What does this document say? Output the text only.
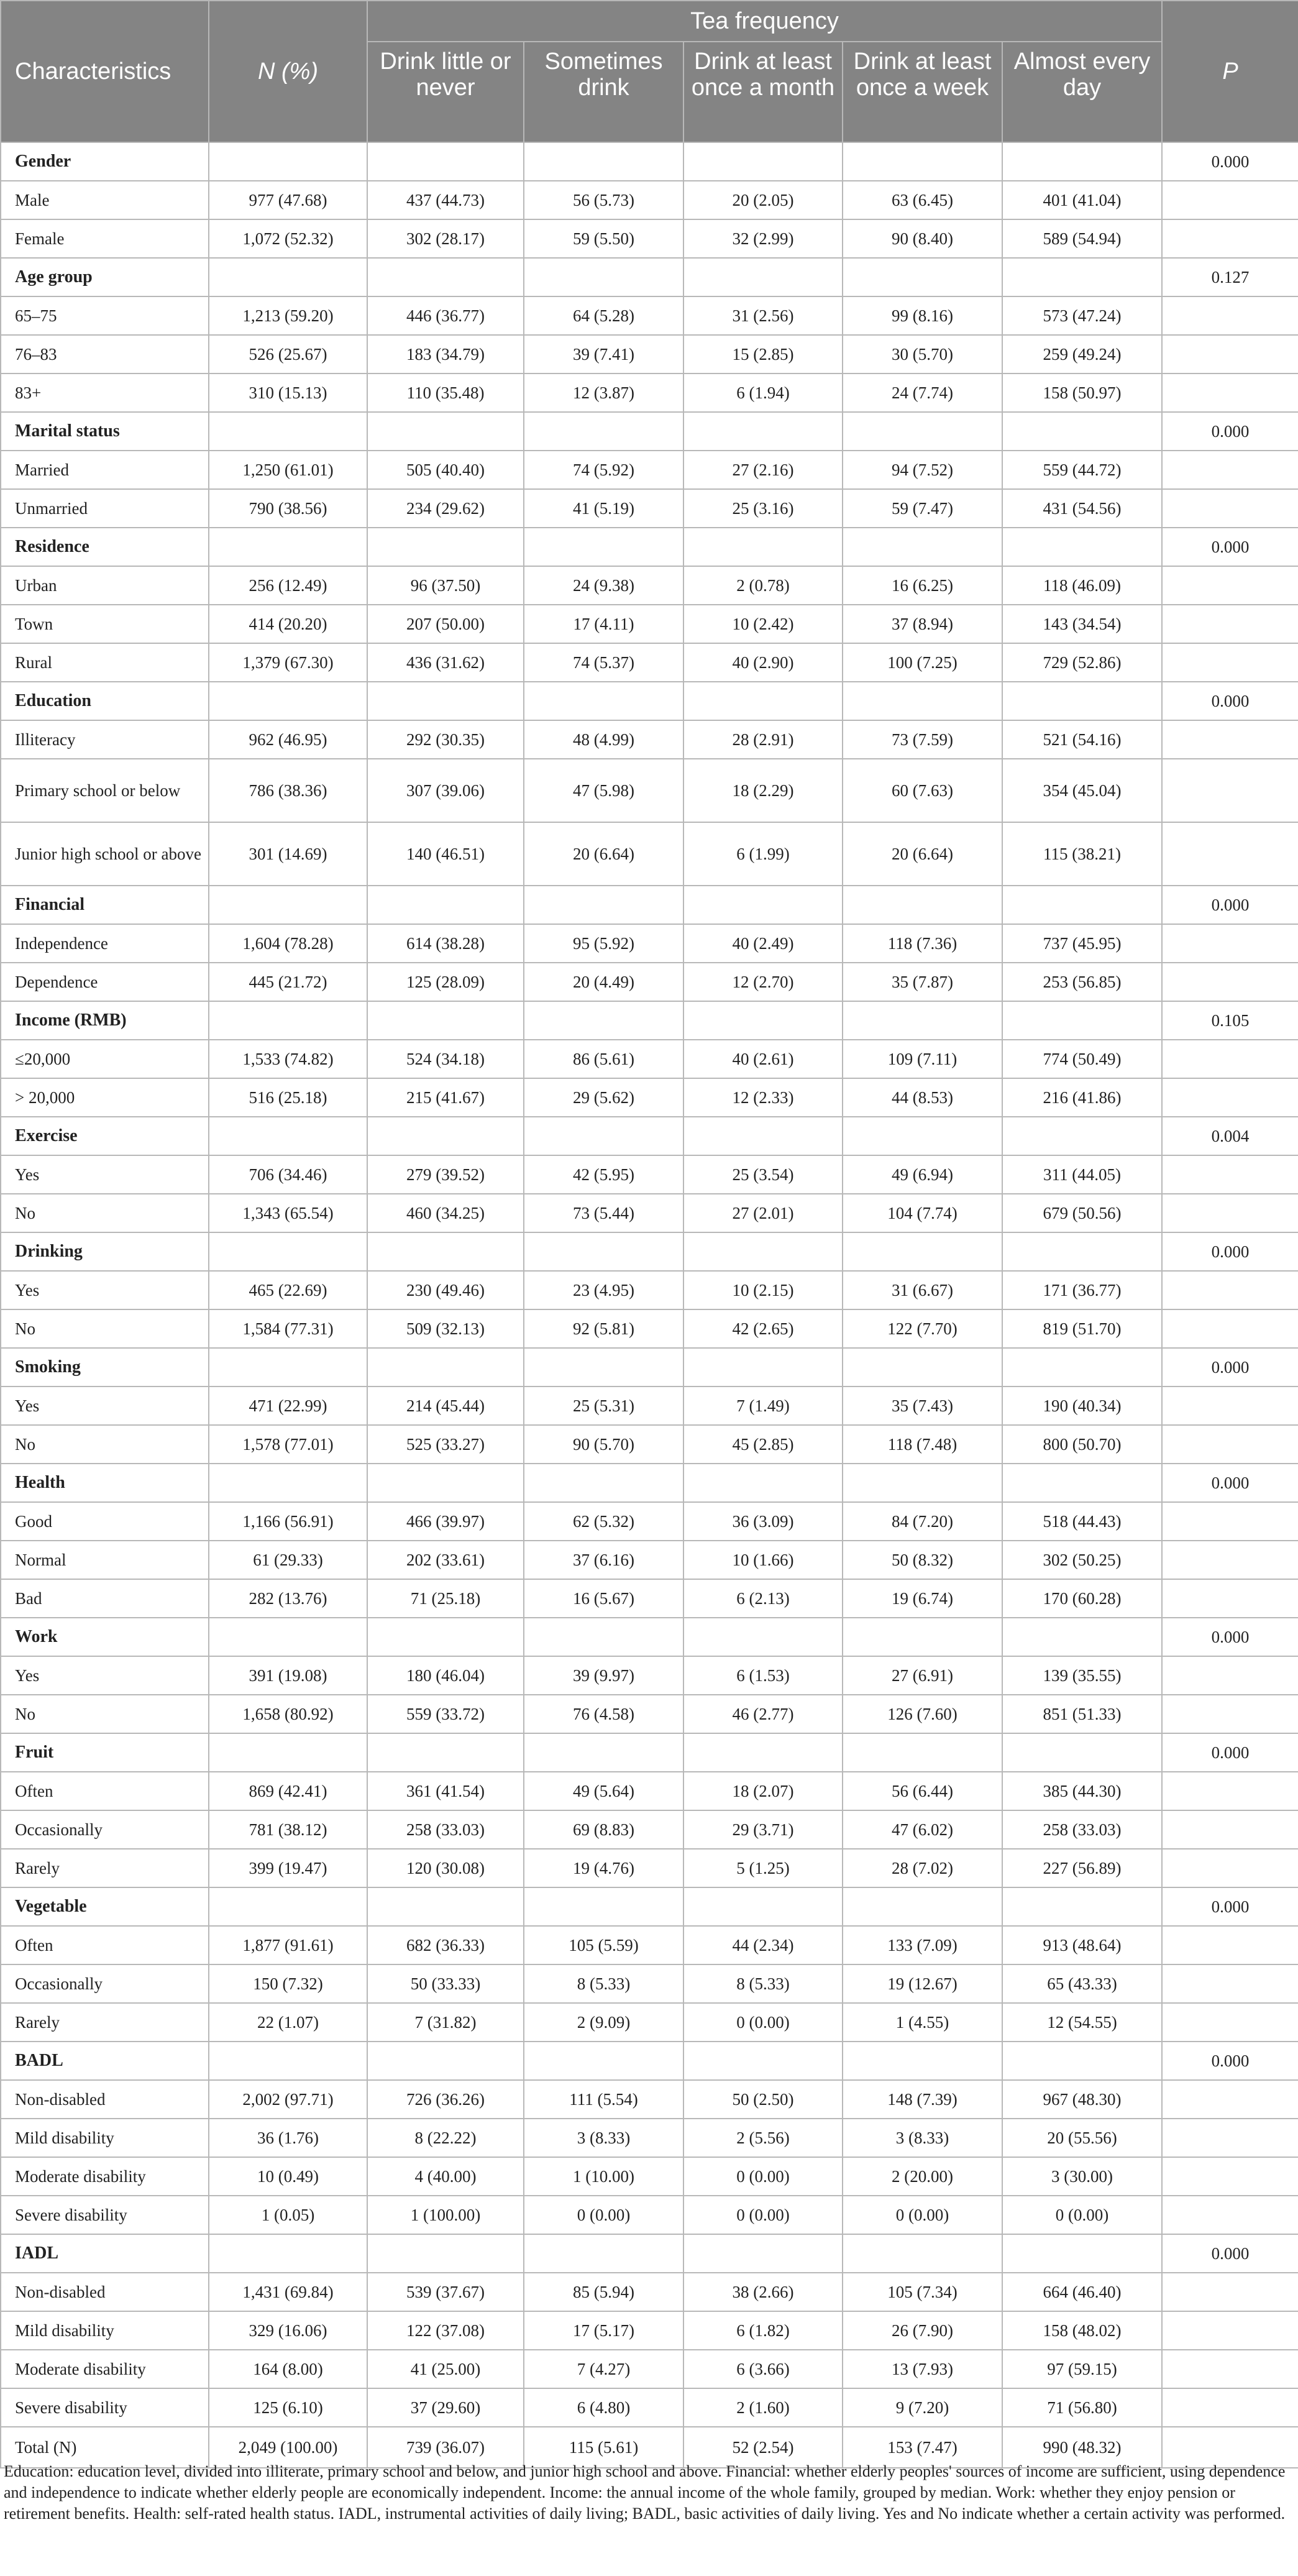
Characteristics	N (%)	Tea frequency					P
		Drink little or never	Sometimes drink	Drink at least once a month	Drink at least once a week	Almost every day	
Gender							0.000
Male	977 (47.68)	437 (44.73)	56 (5.73)	20 (2.05)	63 (6.45)	401 (41.04)	
Female	1,072 (52.32)	302 (28.17)	59 (5.50)	32 (2.99)	90 (8.40)	589 (54.94)	
Age group							0.127
65–75	1,213 (59.20)	446 (36.77)	64 (5.28)	31 (2.56)	99 (8.16)	573 (47.24)	
76–83	526 (25.67)	183 (34.79)	39 (7.41)	15 (2.85)	30 (5.70)	259 (49.24)	
83+	310 (15.13)	110 (35.48)	12 (3.87)	6 (1.94)	24 (7.74)	158 (50.97)	
Marital status							0.000
Married	1,250 (61.01)	505 (40.40)	74 (5.92)	27 (2.16)	94 (7.52)	559 (44.72)	
Unmarried	790 (38.56)	234 (29.62)	41 (5.19)	25 (3.16)	59 (7.47)	431 (54.56)	
Residence							0.000
Urban	256 (12.49)	96 (37.50)	24 (9.38)	2 (0.78)	16 (6.25)	118 (46.09)	
Town	414 (20.20)	207 (50.00)	17 (4.11)	10 (2.42)	37 (8.94)	143 (34.54)	
Rural	1,379 (67.30)	436 (31.62)	74 (5.37)	40 (2.90)	100 (7.25)	729 (52.86)	
Education							0.000
Illiteracy	962 (46.95)	292 (30.35)	48 (4.99)	28 (2.91)	73 (7.59)	521 (54.16)	
Primary school or below	786 (38.36)	307 (39.06)	47 (5.98)	18 (2.29)	60 (7.63)	354 (45.04)	
Junior high school or above	301 (14.69)	140 (46.51)	20 (6.64)	6 (1.99)	20 (6.64)	115 (38.21)	
Financial							0.000
Independence	1,604 (78.28)	614 (38.28)	95 (5.92)	40 (2.49)	118 (7.36)	737 (45.95)	
Dependence	445 (21.72)	125 (28.09)	20 (4.49)	12 (2.70)	35 (7.87)	253 (56.85)	
Income (RMB)							0.105
≤20,000	1,533 (74.82)	524 (34.18)	86 (5.61)	40 (2.61)	109 (7.11)	774 (50.49)	
> 20,000	516 (25.18)	215 (41.67)	29 (5.62)	12 (2.33)	44 (8.53)	216 (41.86)	
Exercise							0.004
Yes	706 (34.46)	279 (39.52)	42 (5.95)	25 (3.54)	49 (6.94)	311 (44.05)	
No	1,343 (65.54)	460 (34.25)	73 (5.44)	27 (2.01)	104 (7.74)	679 (50.56)	
Drinking							0.000
Yes	465 (22.69)	230 (49.46)	23 (4.95)	10 (2.15)	31 (6.67)	171 (36.77)	
No	1,584 (77.31)	509 (32.13)	92 (5.81)	42 (2.65)	122 (7.70)	819 (51.70)	
Smoking							0.000
Yes	471 (22.99)	214 (45.44)	25 (5.31)	7 (1.49)	35 (7.43)	190 (40.34)	
No	1,578 (77.01)	525 (33.27)	90 (5.70)	45 (2.85)	118 (7.48)	800 (50.70)	
Health							0.000
Good	1,166 (56.91)	466 (39.97)	62 (5.32)	36 (3.09)	84 (7.20)	518 (44.43)	
Normal	61 (29.33)	202 (33.61)	37 (6.16)	10 (1.66)	50 (8.32)	302 (50.25)	
Bad	282 (13.76)	71 (25.18)	16 (5.67)	6 (2.13)	19 (6.74)	170 (60.28)	
Work							0.000
Yes	391 (19.08)	180 (46.04)	39 (9.97)	6 (1.53)	27 (6.91)	139 (35.55)	
No	1,658 (80.92)	559 (33.72)	76 (4.58)	46 (2.77)	126 (7.60)	851 (51.33)	
Fruit							0.000
Often	869 (42.41)	361 (41.54)	49 (5.64)	18 (2.07)	56 (6.44)	385 (44.30)	
Occasionally	781 (38.12)	258 (33.03)	69 (8.83)	29 (3.71)	47 (6.02)	258 (33.03)	
Rarely	399 (19.47)	120 (30.08)	19 (4.76)	5 (1.25)	28 (7.02)	227 (56.89)	
Vegetable							0.000
Often	1,877 (91.61)	682 (36.33)	105 (5.59)	44 (2.34)	133 (7.09)	913 (48.64)	
Occasionally	150 (7.32)	50 (33.33)	8 (5.33)	8 (5.33)	19 (12.67)	65 (43.33)	
Rarely	22 (1.07)	7 (31.82)	2 (9.09)	0 (0.00)	1 (4.55)	12 (54.55)	
BADL							0.000
Non-disabled	2,002 (97.71)	726 (36.26)	111 (5.54)	50 (2.50)	148 (7.39)	967 (48.30)	
Mild disability	36 (1.76)	8 (22.22)	3 (8.33)	2 (5.56)	3 (8.33)	20 (55.56)	
Moderate disability	10 (0.49)	4 (40.00)	1 (10.00)	0 (0.00)	2 (20.00)	3 (30.00)	
Severe disability	1 (0.05)	1 (100.00)	0 (0.00)	0 (0.00)	0 (0.00)	0 (0.00)	
IADL							0.000
Non-disabled	1,431 (69.84)	539 (37.67)	85 (5.94)	38 (2.66)	105 (7.34)	664 (46.40)	
Mild disability	329 (16.06)	122 (37.08)	17 (5.17)	6 (1.82)	26 (7.90)	158 (48.02)	
Moderate disability	164 (8.00)	41 (25.00)	7 (4.27)	6 (3.66)	13 (7.93)	97 (59.15)	
Severe disability	125 (6.10)	37 (29.60)	6 (4.80)	2 (1.60)	9 (7.20)	71 (56.80)	
Total (N)	2,049 (100.00)	739 (36.07)	115 (5.61)	52 (2.54)	153 (7.47)	990 (48.32)	
Education: education level, divided into illiterate, primary school and below, and junior high school and above. Financial: whether elderly peoples' sources of income are sufficient, using dependence and independence to indicate whether elderly people are economically independent. Income: the annual income of the whole family, grouped by median. Work: whether they enjoy pension or retirement benefits. Health: self-rated health status. IADL, instrumental activities of daily living; BADL, basic activities of daily living. Yes and No indicate whether a certain activity was performed.
